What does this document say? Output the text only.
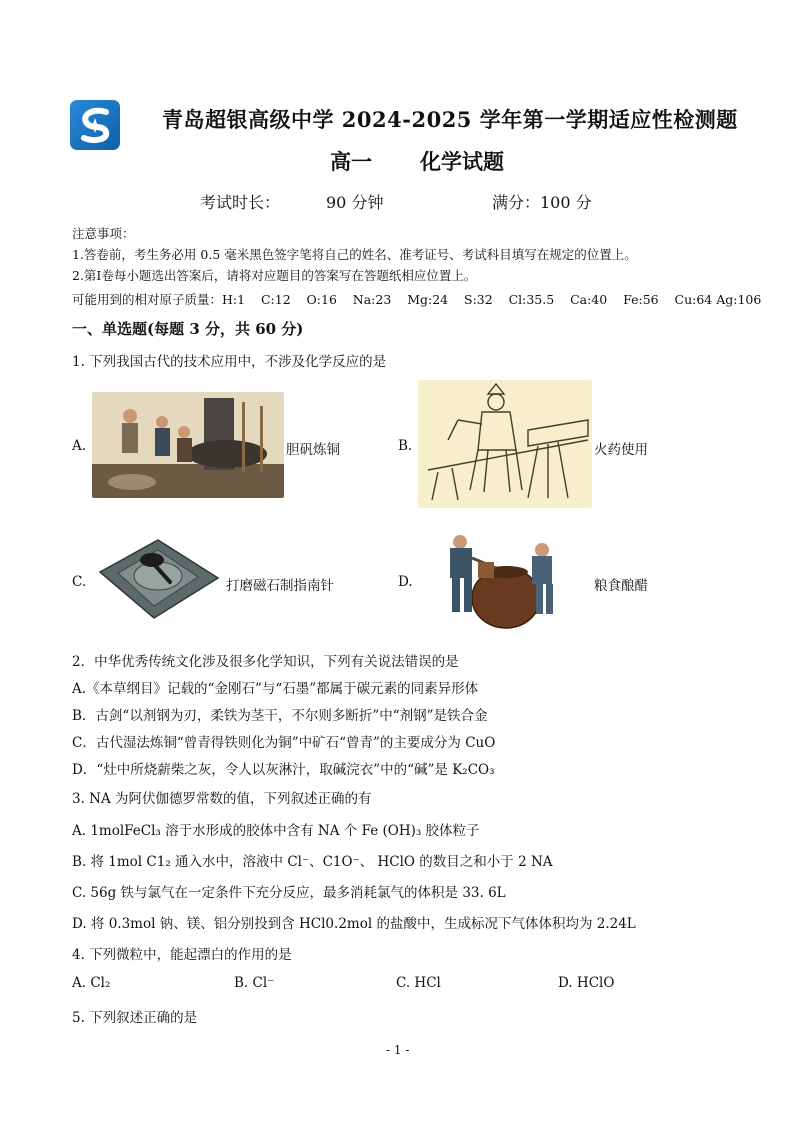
青岛超银高级中学 2024-2025 学年第一学期适应性检测题
高一 化学试题
考试时长：	90 分钟	满分：100 分
注意事项：
1.答卷前，考生务必用 0.5 毫米黑色签字笔将自己的姓名、准考证号、考试科目填写在规定的位置上。
2.第Ⅰ卷每小题选出答案后，请将对应题目的答案写在答题纸相应位置上。
可能用到的相对原子质量：H:1    C:12    O:16    Na:23    Mg:24    S:32    Cl:35.5    Ca:40    Fe:56    Cu:64 Ag:106
一、单选题(每题 3 分，共 60 分)
1. 下列我国古代的技术应用中，不涉及化学反应的是
A.	胆矾炼铜	B.	火药使用
C.	打磨磁石制指南针	D.	粮食酿醋
2．中华优秀传统文化涉及很多化学知识，下列有关说法错误的是
A.《本草纲目》记载的“金刚石”与“石墨”都属于碳元素的同素异形体
B．古剑“以剂钢为刃，柔铁为茎干，不尔则多断折”中“剂钢”是铁合金
C．古代湿法炼铜“曾青得铁则化为铜”中矿石“曾青”的主要成分为 CuO
D．“灶中所烧薪柴之灰，令人以灰淋汁，取碱浣衣”中的“碱”是 K₂CO₃
3. NA 为阿伏伽德罗常数的值，下列叙述正确的有
A. 1molFeCl₃ 溶于水形成的胶体中含有 NA 个 Fe (OH)₃ 胶体粒子
B. 将 1mol C1₂ 通入水中，溶液中 Cl⁻、C1O⁻、 HClO 的数目之和小于 2 NA
C. 56g 铁与氯气在一定条件下充分反应，最多消耗氯气的体积是 33. 6L
D. 将 0.3mol 钠、镁、铝分别投到含 HCl0.2mol 的盐酸中，生成标况下气体体积均为 2.24L
4. 下列微粒中，能起漂白的作用的是
A. Cl₂	B. Cl⁻	C. HCl	D. HClO
5. 下列叙述正确的是
- 1 -
